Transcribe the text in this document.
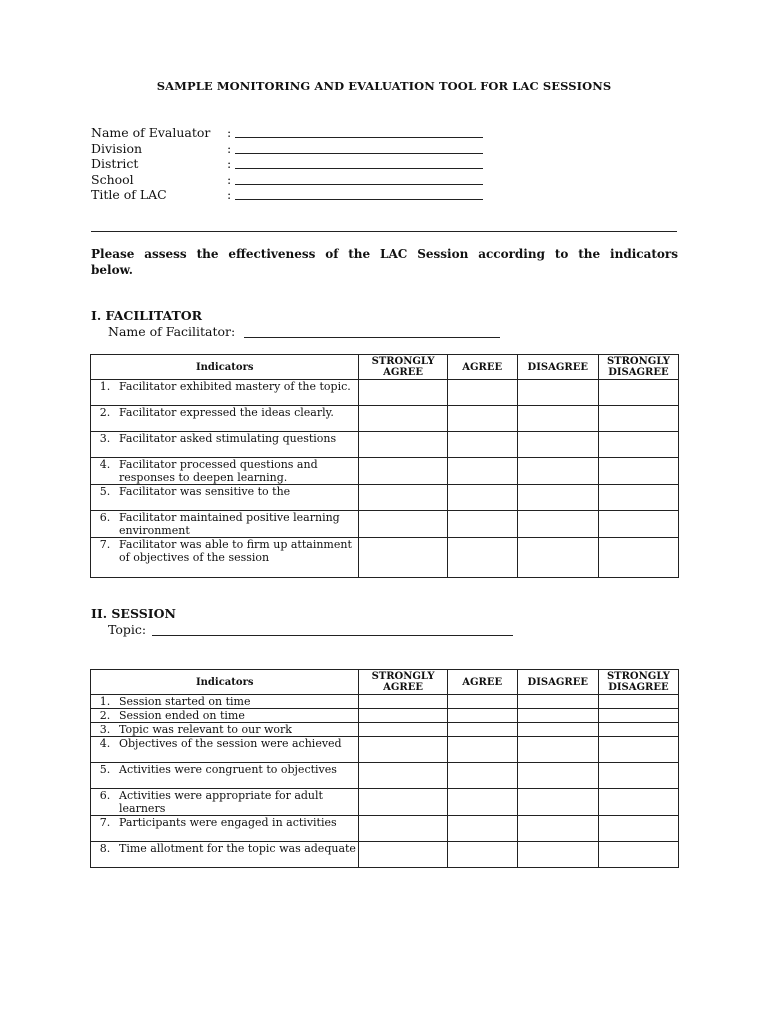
SAMPLE MONITORING AND EVALUATION TOOL FOR LAC SESSIONS
Name of Evaluator :
Division	:
District	:
School	:
Title of LAC	:
Please assess the effectiveness of the LAC Session according to the indicators below.
I. FACILITATOR
Name of Facilitator:
Indicators	STRONGLY AGREE	AGREE	DISAGREE	STRONGLY DISAGREE

1. Facilitator exhibited mastery of the topic.				

2. Facilitator expressed the ideas clearly.				

3. Facilitator asked stimulating questions				

4. Facilitator processed questions and responses to deepen learning.				

5. Facilitator was sensitive to the				

6. Facilitator maintained positive learning environment				

7. Facilitator was able to firm up attainment of objectives of the session				

II. SESSION
Topic:
Indicators	STRONGLY AGREE	AGREE	DISAGREE	STRONGLY DISAGREE

1. Session started on time				

2. Session ended on time				

3. Topic was relevant to our work				

4. Objectives of the session were achieved				

5. Activities were congruent to objectives				

6. Activities were appropriate for adult learners				

7. Participants were engaged in activities				

8. Time allotment for the topic was adequate				
